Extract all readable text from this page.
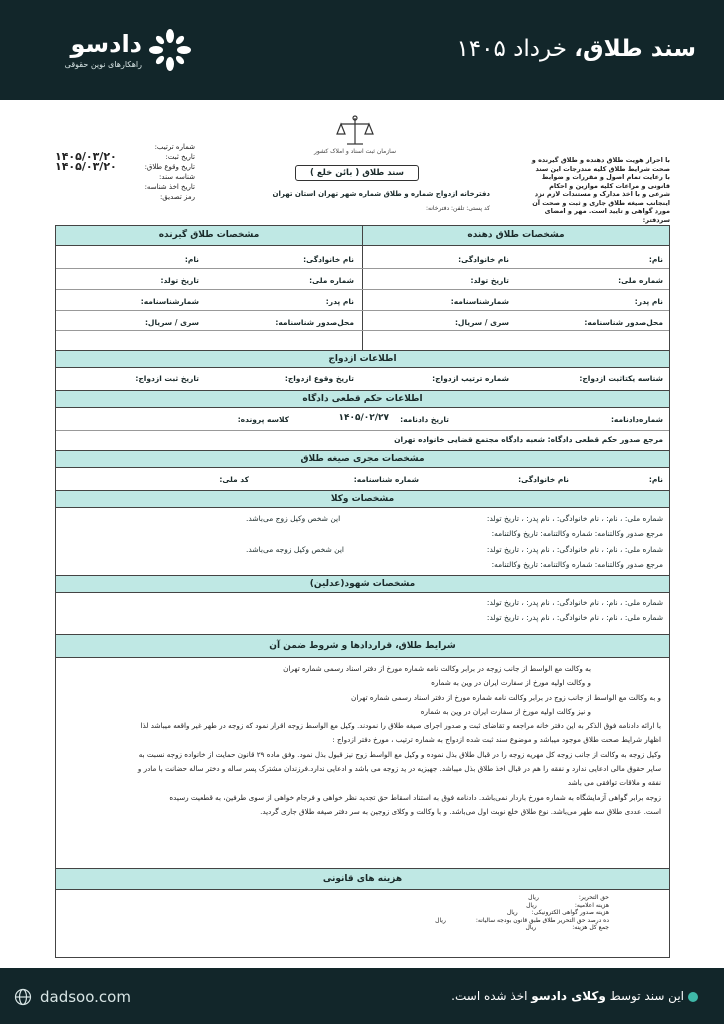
سند طلاق، خرداد ۱۴۰۵
دادسو
راهکارهای نوین حقوقی
با احراز هویت طلاق دهنده و طلاق گیرنده و صحت شرایط طلاق کلیه مندرجات این سند با رعایت تمام اصول و مقررات و ضوابط قانونی و مراعات کلیه موازین و احکام شرعی و با اخذ مدارک و مستندات لازم نزد اینجانب صیغه طلاق جاری و ثبت و صحت آن مورد گواهی و تایید است. مهر و امضای سردفتر:
شماره ترتیب:
تاریخ ثبت:
۱۴۰۵/۰۳/۲۰
تاریخ وقوع طلاق:
۱۴۰۵/۰۳/۲۰
شناسه سند:
تاریخ اخذ شناسه:
رمز تصدیق:
سازمان ثبت اسناد و املاک کشور
سند طلاق ( بائن خلع )
دفترخانه ازدواج شماره و طلاق شماره شهر تهران استان تهران
کد پستی: تلفن: دفترخانه:
مشخصات طلاق دهنده
مشخصات طلاق گیرنده
نام:
نام خانوادگی:
شماره ملی:
تاریخ تولد:
نام پدر:
شمارشناسنامه:
محل‌صدور شناسنامه:
سری / سریال:
نام خانوادگی:
نام:
شماره ملی:
تاریخ تولد:
نام پدر:
شمارشناسنامه:
محل‌صدور شناسنامه:
سری / سریال:
اطلاعات ازدواج
شناسه یکتاثبت ازدواج:
شماره ترتیب ازدواج:
تاریخ وقوع ازدواج:
تاریخ ثبت ازدواج:
اطلاعات حکم قطعی دادگاه
شماره‌دادنامه:
تاریخ دادنامه:
۱۴۰۵/۰۲/۲۷
کلاسه پرونده:
مرجع صدور حکم قطعی دادگاه: شعبه دادگاه مجتمع قضایی خانواده تهران
مشخصات مجری صیغه طلاق
نام:
نام خانوادگی:
شماره شناسنامه:
کد ملی:
مشخصات وکلا
شماره ملی: ، نام: ، نام خانوادگی: ، نام پدر: ، تاریخ تولد:
این شخص وکیل زوج می‌باشد.
مرجع صدور وکالتنامه: شماره وکالتنامه: تاریخ وکالتنامه:
شماره ملی: ، نام: ، نام خانوادگی: ، نام پدر: ، تاریخ تولد:
این شخص وکیل زوجه می‌باشد.
مرجع صدور وکالتنامه: شماره وکالتنامه: تاریخ وکالتنامه:
مشخصات شهود(عدلین)
شماره ملی: ، نام: ، نام خانوادگی: ، نام پدر: ، تاریخ تولد:
شماره ملی: ، نام: ، نام خانوادگی: ، نام پدر: ، تاریخ تولد:
شرایط طلاق، قراردادها و شروط ضمن آن

به وکالت مع الواسط از جانب زوجه در برابر وکالت نامه شماره مورخ از دفتر اسناد رسمی شماره تهران

و وکالت اولیه مورخ از سفارت ایران در وین به شماره

و به وکالت مع الواسط از جانب زوج در برابر وکالت نامه شماره مورخ از دفتر اسناد رسمی شماره تهران

و نیز وکالت اولیه مورخ از سفارت ایران در وین به شماره

با ارائه دادنامه فوق الذکر به این دفتر خانه مراجعه و تقاضای ثبت و صدور اجرای صیغه طلاق را نمودند. وکیل مع الواسط زوجه اقرار نمود که زوجه در طهر غیر واقعه میباشد لذا

اظهار شرایط صحت طلاق موجود میباشد و موضوع سند ثبت شده ازدواج به شماره ترتیب ، مورخ دفتر ازدواج :

وکیل زوجه به وکالت از جانب زوجه کل مهریه زوجه را در قبال طلاق بذل نموده و وکیل مع الواسط زوج نیز قبول بذل نمود. وفق ماده ۲۹ قانون حمایت از خانواده زوجه نسبت به

سایر حقوق مالی ادعایی ندارد و نفقه را هم در قبال اخذ طلاق بذل میباشد. جهیزیه در ید زوجه می باشد و ادعایی ندارد.فرزندان مشترک پسر ساله و دختر ساله حضانت با مادر و

نفقه و ملاقات توافقی می باشد

زوجه برابر گواهی آزمایشگاه به شماره مورخ باردار نمی‌باشد. دادنامه فوق به استناد اسقاط حق تجدید نظر خواهی و فرجام خواهی از سوی طرفین، به قطعیت رسیده

است. عددی طلاق سه طهر می‌باشد. نوع طلاق خلع نوبت اول می‌باشد. و با وکالت و وکلای زوجین به سر دفتر صیغه طلاق جاری گردید.

هزینه های قانونی
حق التحریر:
ریال
هزینه اعلامیه:
ریال
هزینه صدور گواهی الکترونیکی:
ریال
ده درصد حق التحریر طلاق طبق قانون بودجه سالیانه:
ریال
جمع کل هزینه:
ریال
dadsoo.com	این سند توسط وکلای دادسو اخذ شده است.
